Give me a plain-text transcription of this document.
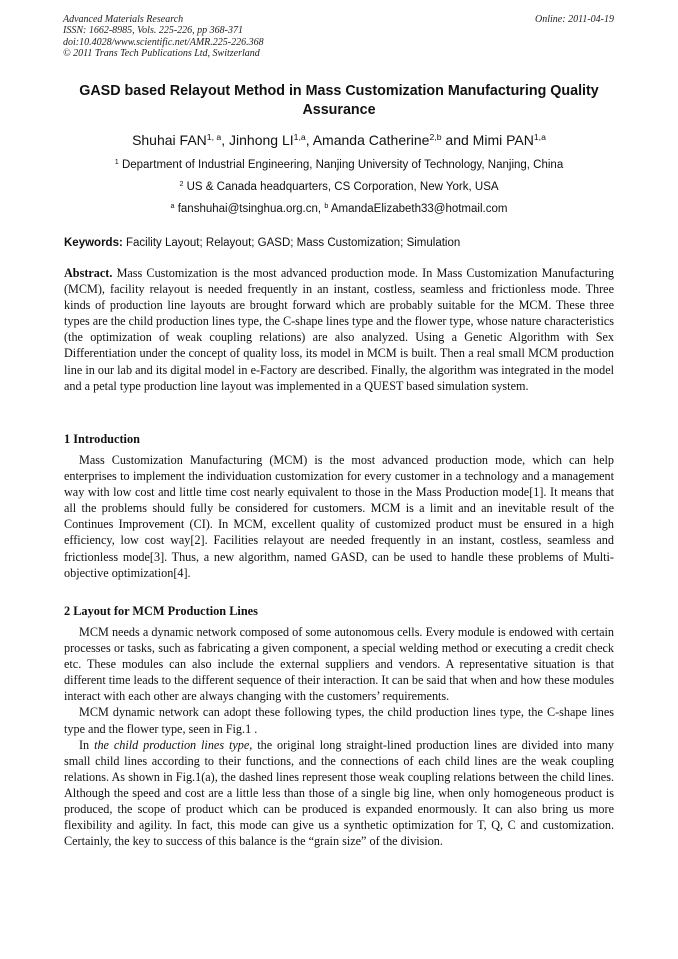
Advanced Materials Research
ISSN: 1662-8985, Vols. 225-226, pp 368-371
doi:10.4028/www.scientific.net/AMR.225-226.368
© 2011 Trans Tech Publications Ltd, Switzerland
Online: 2011-04-19
GASD based Relayout Method in Mass Customization Manufacturing Quality Assurance
Shuhai FAN$^{1, a}$, Jinhong LI$^{1,a}$, Amanda Catherine$^{2,b}$ and Mimi PAN$^{1,a}$
$^1$ Department of Industrial Engineering, Nanjing University of Technology, Nanjing, China
$^2$ US & Canada headquarters, CS Corporation, New York, USA
$^a$ fanshuhai@tsinghua.org.cn, $^b$ AmandaElizabeth33@hotmail.com
Keywords: Facility Layout; Relayout; GASD; Mass Customization; Simulation

Abstract. Mass Customization is the most advanced production mode. In Mass Customization Manufacturing (MCM), facility relayout is needed frequently in an instant, costless, seamless and frictionless mode. Three kinds of production line layouts are brought forward which are probably suitable for the MCM. These three types are the child production lines type, the C-shape lines type and the flower type, whose nature characteristics (the optimization of weak coupling relations) are also analyzed. Using a Genetic Algorithm with Sex Differentiation under the concept of quality loss, its model in MCM is built. Then a real small MCM production line in our lab and its digital model in e-Factory are described. Finally, the algorithm was integrated in the model and a petal type production line layout was implemented in a QUEST based simulation system.

1 Introduction

Mass Customization Manufacturing (MCM) is the most advanced production mode, which can help enterprises to implement the individuation customization for every customer in a technology and a management way with low cost and little time cost nearly equivalent to those in the Mass Production mode[1]. It means that all the problems should fully be considered for customers. MCM is a limit and an inevitable result of the Continues Improvement (CI). In MCM, excellent quality of customized product must be ensured in a high efficiency, low cost way[2]. Facilities relayout are needed frequently in an instant, costless, seamless and frictionless mode[3]. Thus, a new algorithm, named GASD, can be used to handle these problems of Multi-objective optimization[4].

2 Layout for MCM Production Lines

MCM needs a dynamic network composed of some autonomous cells. Every module is endowed with certain processes or tasks, such as fabricating a given component, a special welding method or executing a credit check etc. These modules can also include the external suppliers and vendors. A representative situation is that different time leads to the different sequence of their interaction. It can be said that when and how these modules interact with each other are always changing with the customers’ requirements.

MCM dynamic network can adopt these following types, the child production lines type, the C-shape lines type and the flower type, seen in Fig.1 .

In the child production lines type, the original long straight-lined production lines are divided into many small child lines according to their functions, and the connections of each child lines are the weak coupling relations. As shown in Fig.1(a), the dashed lines represent those weak coupling relations between the child lines. Although the speed and cost are a little less than those of a single big line, when only homogeneous product is produced, the scope of product which can be produced is expanded enormously. It can also bring us more flexibility and agility. In fact, this mode can give us a synthetic optimization for T, Q, C and customization. Certainly, the key to success of this balance is the “grain size” of the division.
